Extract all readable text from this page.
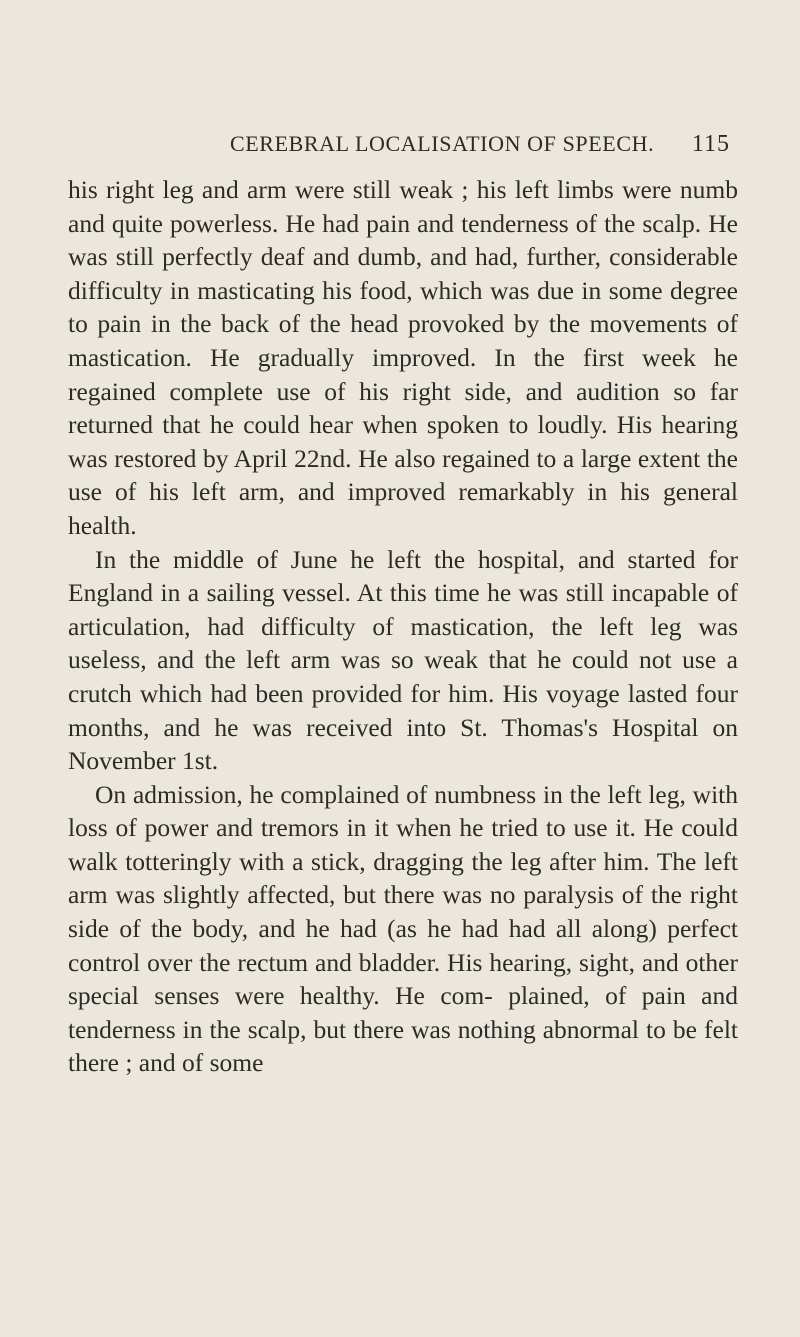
CEREBRAL LOCALISATION OF SPEECH. 115

his right leg and arm were still weak ; his left limbs were numb and quite powerless. He had pain and tenderness of the scalp. He was still perfectly deaf and dumb, and had, further, considerable difficulty in masticating his food, which was due in some degree to pain in the back of the head provoked by the movements of mastication. He gradually improved. In the first week he regained complete use of his right side, and audition so far returned that he could hear when spoken to loudly. His hearing was restored by April 22nd. He also regained to a large extent the use of his left arm, and improved remarkably in his general health.

In the middle of June he left the hospital, and started for England in a sailing vessel. At this time he was still incapable of articulation, had difficulty of mastication, the left leg was useless, and the left arm was so weak that he could not use a crutch which had been provided for him. His voyage lasted four months, and he was received into St. Thomas's Hospital on November 1st.

On admission, he complained of numbness in the left leg, with loss of power and tremors in it when he tried to use it. He could walk totteringly with a stick, dragging the leg after him. The left arm was slightly affected, but there was no paralysis of the right side of the body, and he had (as he had had all along) perfect control over the rectum and bladder. His hearing, sight, and other special senses were healthy. He com- plained, of pain and tenderness in the scalp, but there was nothing abnormal to be felt there ; and of some
